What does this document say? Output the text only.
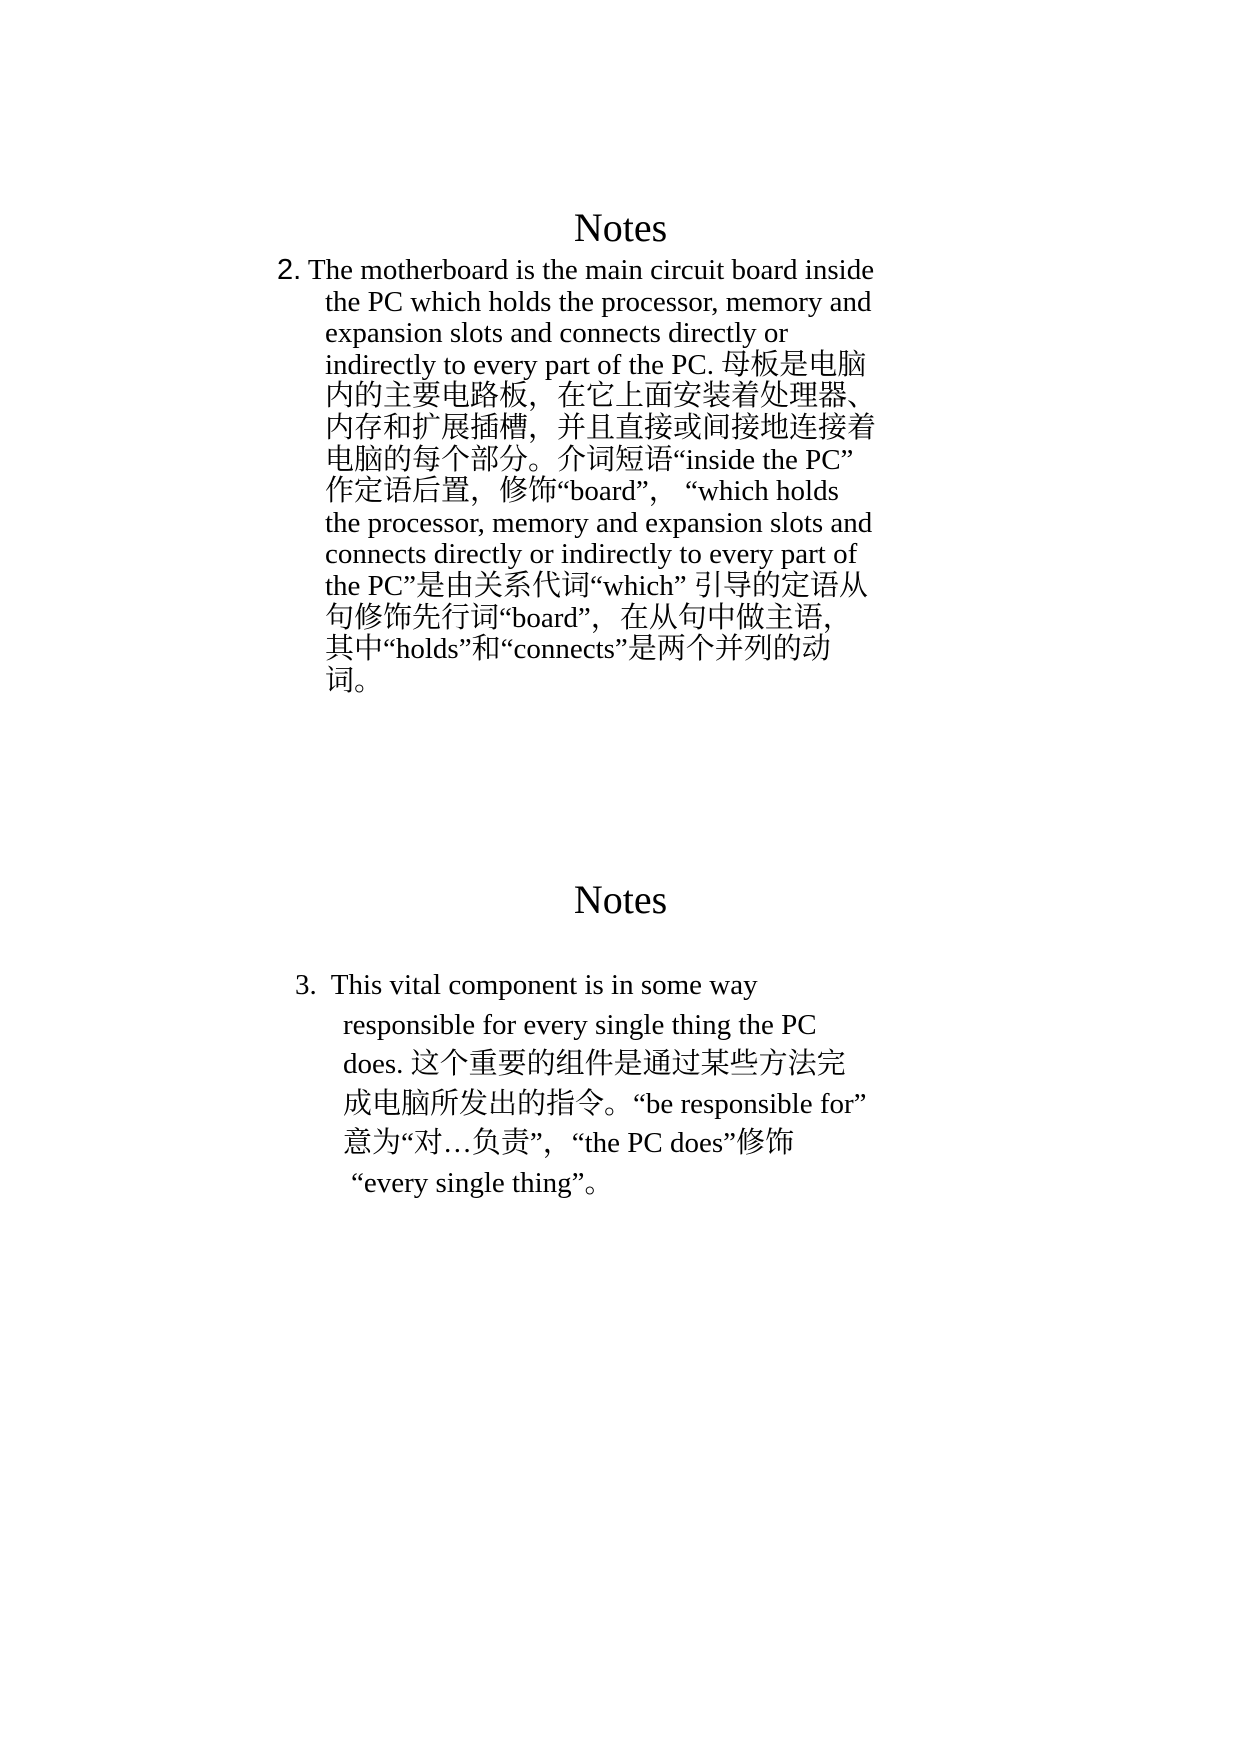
Notes
2. The motherboard is the main circuit board inside
the PC which holds the processor, memory and
expansion slots and connects directly or
indirectly to every part of the PC. 母板是电脑
内的主要电路板，在它上面安装着处理器、
内存和扩展插槽，并且直接或间接地连接着
电脑的每个部分。介词短语“inside the PC”
作定语后置，修饰“board”， “which holds
the processor, memory and expansion slots and
connects directly or indirectly to every part of
the PC”是由关系代词“which” 引导的定语从
句修饰先行词“board”，在从句中做主语，
其中“holds”和“connects”是两个并列的动
词。
Notes
3. This vital component is in some way
responsible for every single thing the PC
does. 这个重要的组件是通过某些方法完
成电脑所发出的指令。“be responsible for”
意为“对…负责”，“the PC does”修饰
“every single thing”。
